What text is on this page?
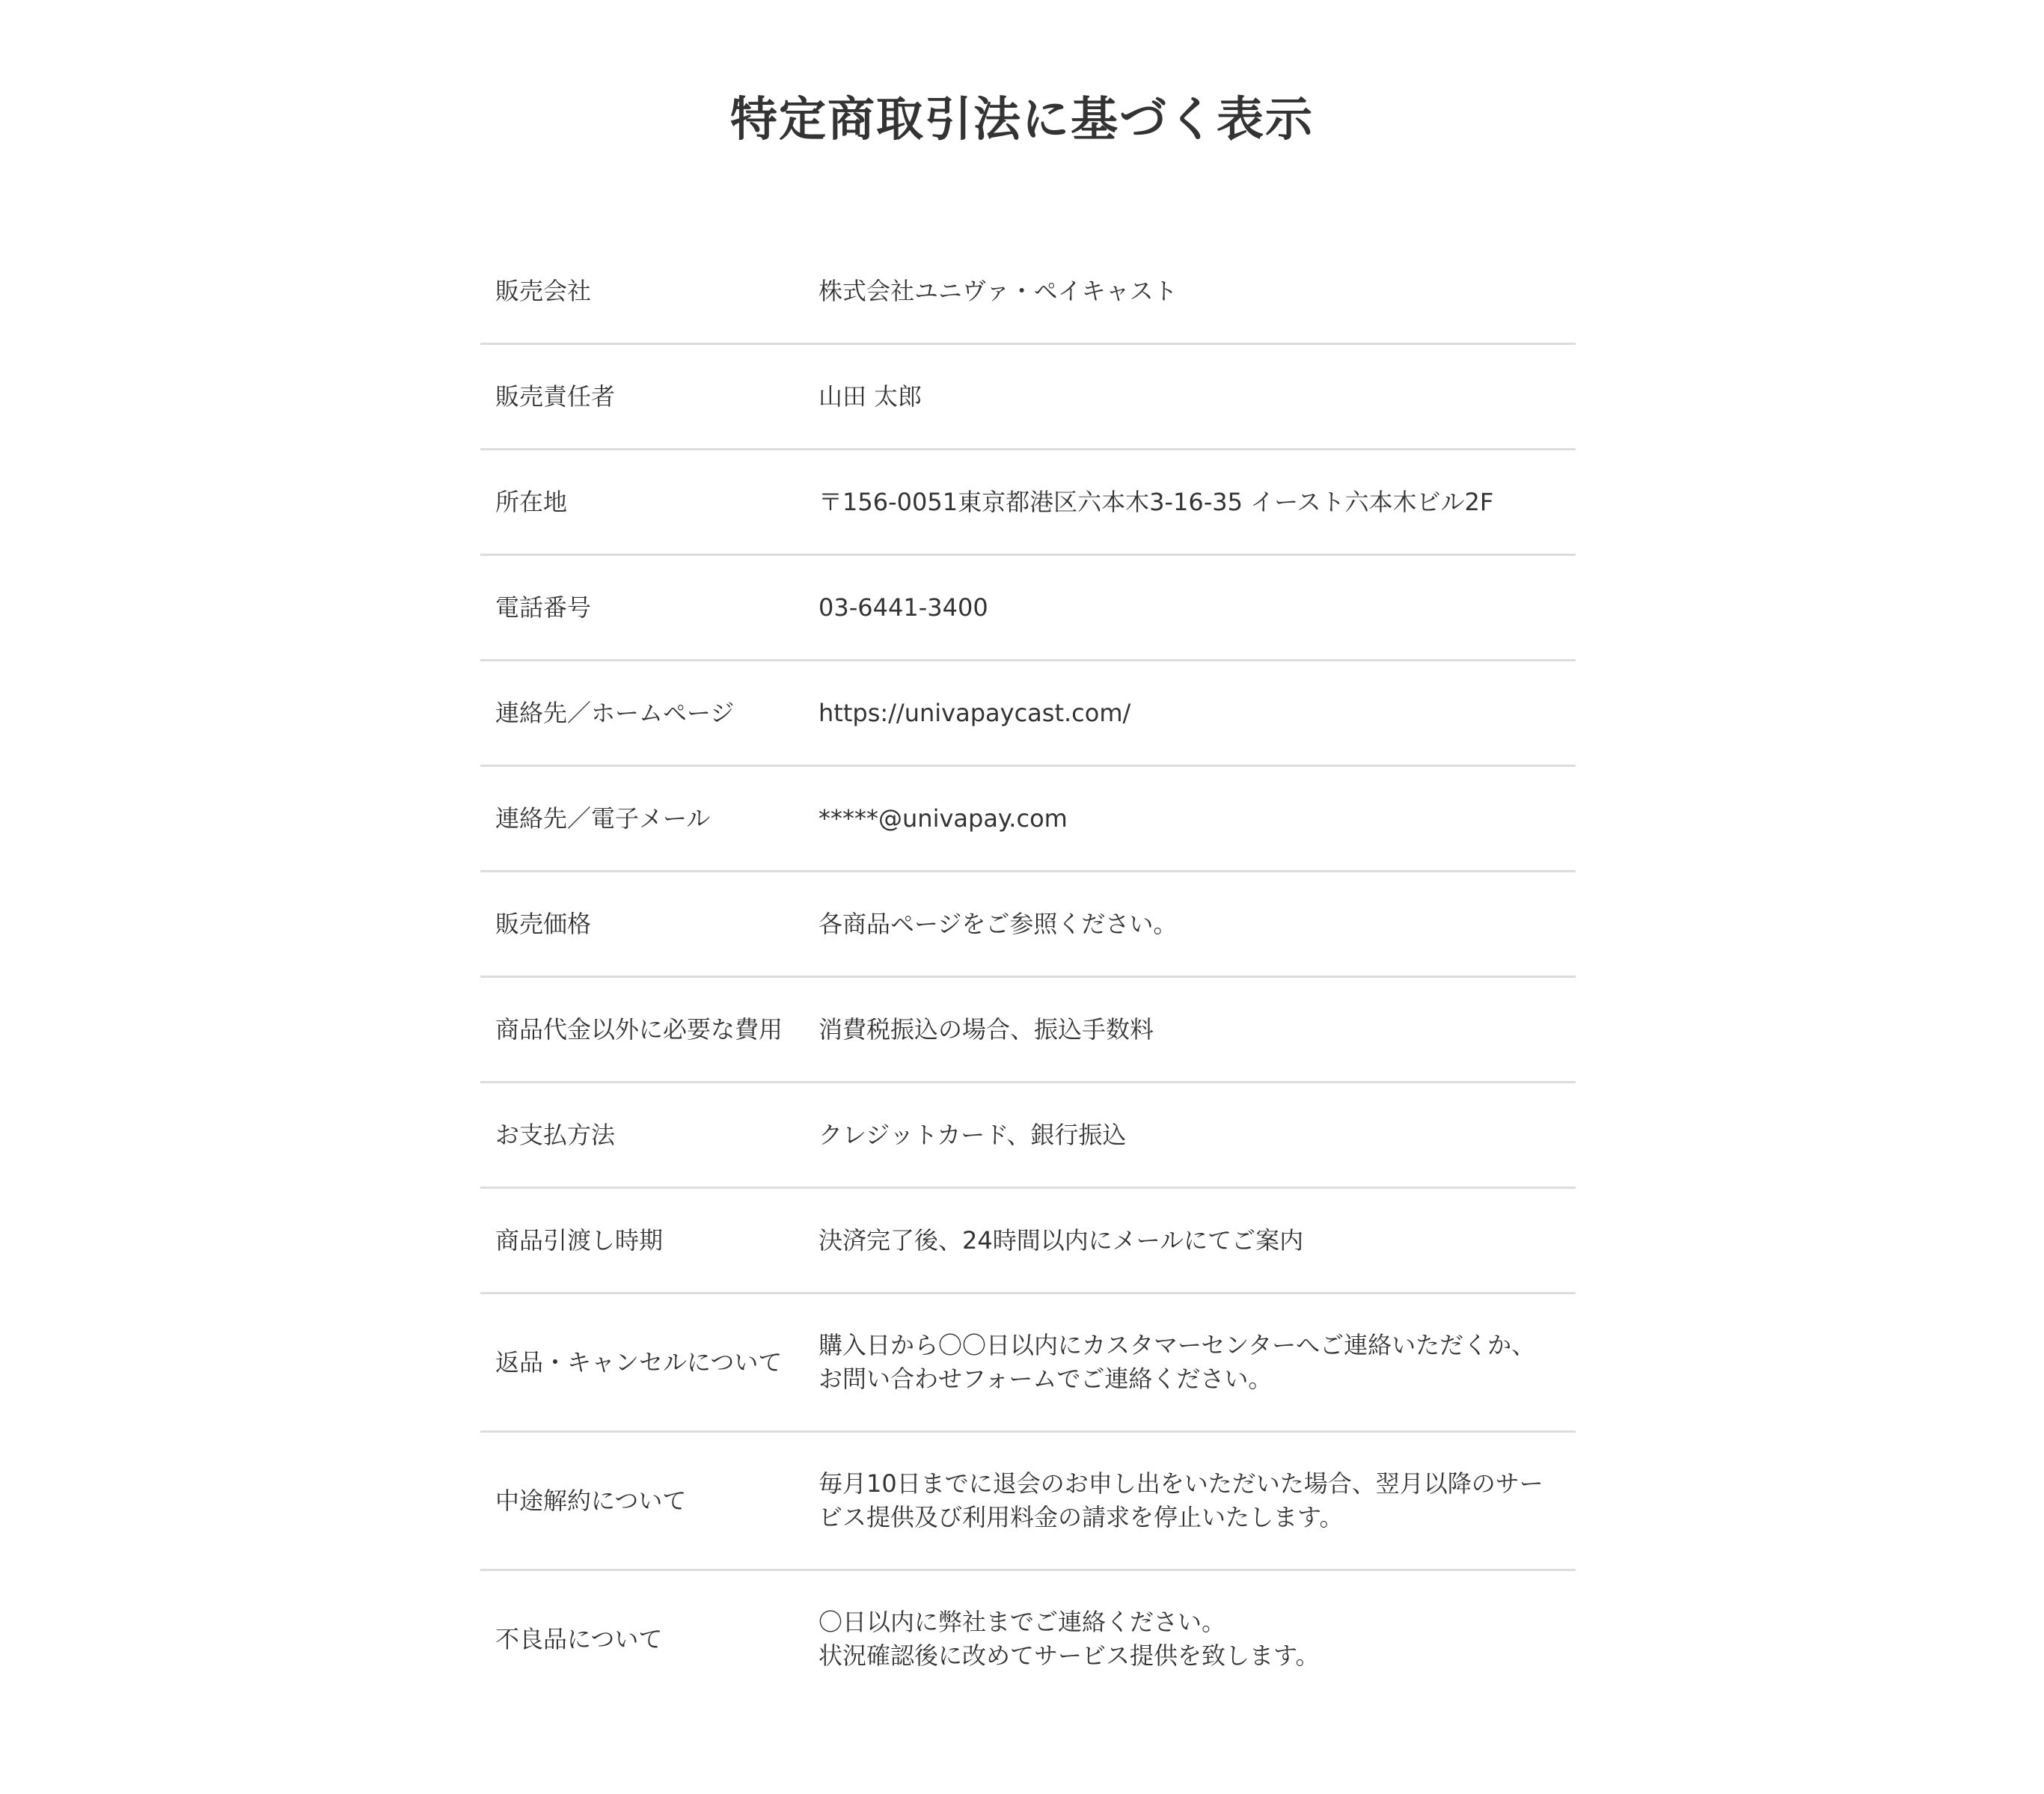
特定商取引法に基づく表示
販売会社	株式会社ユニヴァ・ペイキャスト
販売責任者	山田 太郎
所在地	〒156-0051東京都港区六本木3-16-35 イースト六本木ビル2F
電話番号	03-6441-3400
連絡先／ホームページ	https://univapaycast.com/
連絡先／電子メール	*****@univapay.com
販売価格	各商品ページをご参照ください。
商品代金以外に必要な費用	消費税振込の場合、振込手数料
お支払方法	クレジットカード、銀行振込
商品引渡し時期	決済完了後、24時間以内にメールにてご案内
返品・キャンセルについて	購入日から〇〇日以内にカスタマーセンターへご連絡いただくか、
お問い合わせフォームでご連絡ください。

中途解約について	毎月10日までに退会のお申し出をいただいた場合、翌月以降のサー
ビス提供及び利用料金の請求を停止いたします。

不良品について	〇日以内に弊社までご連絡ください。
状況確認後に改めてサービス提供を致します。
